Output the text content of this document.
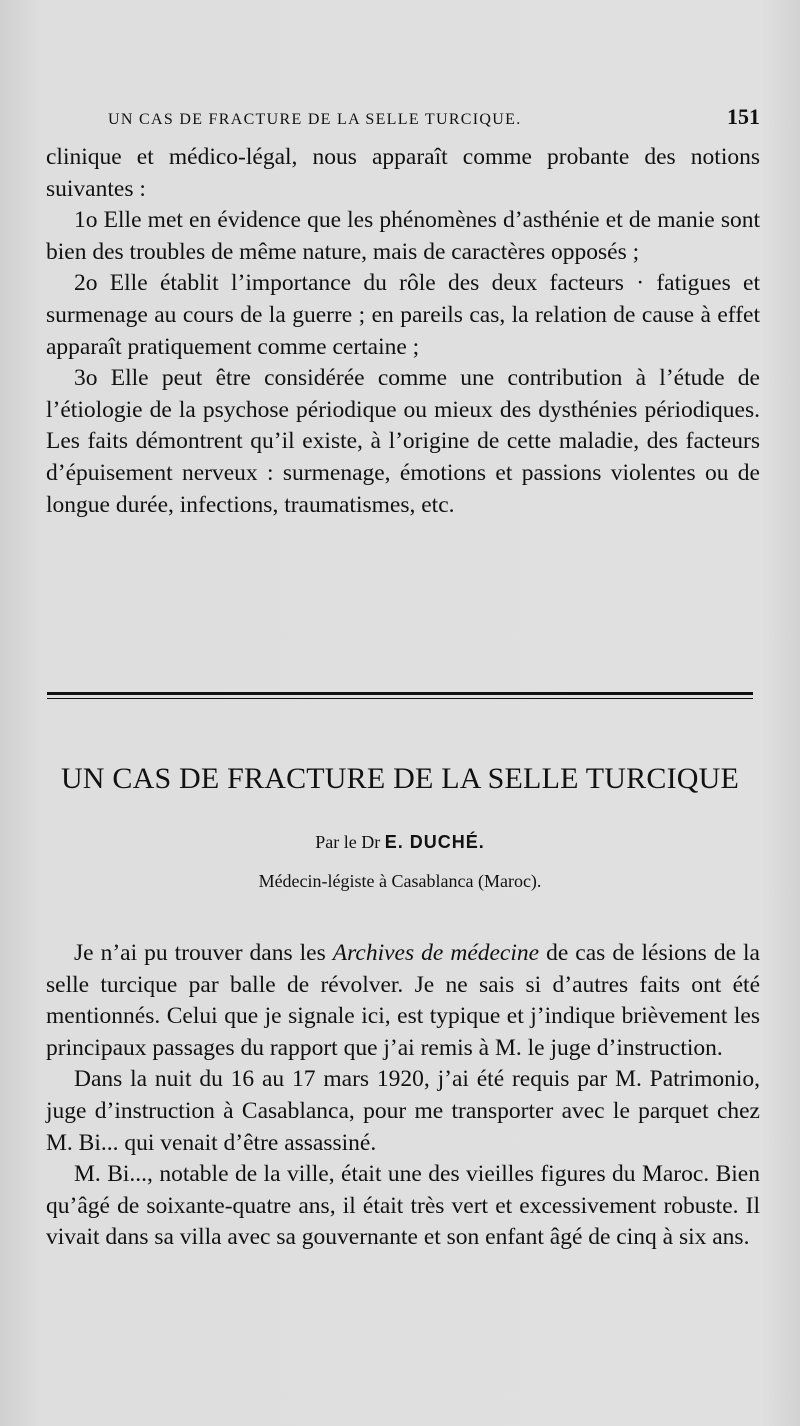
UN CAS DE FRACTURE DE LA SELLE TURCIQUE.	151

clinique et médico-légal, nous apparaît comme probante des notions suivantes :

1o Elle met en évidence que les phénomènes d’asthénie et de manie sont bien des troubles de même nature, mais de caractères opposés ;

2o Elle établit l’importance du rôle des deux facteurs · fatigues et surmenage au cours de la guerre ; en pareils cas, la relation de cause à effet apparaît pratiquement comme certaine ;

3o Elle peut être considérée comme une contribution à l’étude de l’étiologie de la psychose périodique ou mieux des dysthénies périodiques. Les faits démontrent qu’il existe, à l’origine de cette maladie, des facteurs d’épuisement nerveux : surmenage, émotions et passions violentes ou de longue durée, infections, traumatismes, etc.

UN CAS DE FRACTURE DE LA SELLE TURCIQUE
Par le Dr E. DUCHÉ.
Médecin-légiste à Casablanca (Maroc).

Je n’ai pu trouver dans les Archives de médecine de cas de lésions de la selle turcique par balle de révolver. Je ne sais si d’autres faits ont été mentionnés. Celui que je signale ici, est typique et j’indique brièvement les principaux passages du rapport que j’ai remis à M. le juge d’instruction.

Dans la nuit du 16 au 17 mars 1920, j’ai été requis par M. Patrimonio, juge d’instruction à Casablanca, pour me transporter avec le parquet chez M. Bi... qui venait d’être assassiné.

M. Bi..., notable de la ville, était une des vieilles figures du Maroc. Bien qu’âgé de soixante-quatre ans, il était très vert et excessivement robuste. Il vivait dans sa villa avec sa gouvernante et son enfant âgé de cinq à six ans.
